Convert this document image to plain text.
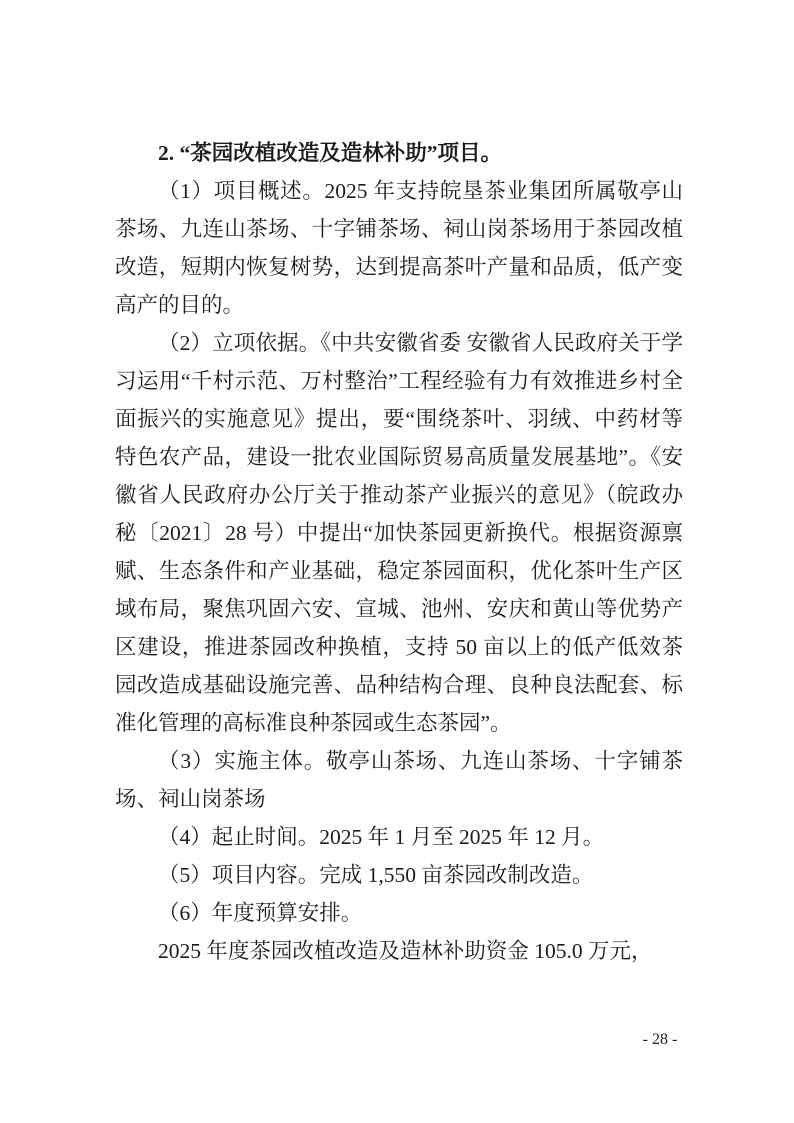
2. “茶园改植改造及造林补助”项目。

（1）项目概述。2025 年支持皖垦茶业集团所属敬亭山茶场、九连山茶场、十字铺茶场、祠山岗茶场用于茶园改植改造，短期内恢复树势，达到提高茶叶产量和品质，低产变高产的目的。

（2）立项依据。《中共安徽省委 安徽省人民政府关于学习运用“千村示范、万村整治”工程经验有力有效推进乡村全面振兴的实施意见》提出，要“围绕茶叶、羽绒、中药材等特色农产品，建设一批农业国际贸易高质量发展基地”。《安徽省人民政府办公厅关于推动茶产业振兴的意见》（皖政办秘〔2021〕28 号）中提出“加快茶园更新换代。根据资源禀赋、生态条件和产业基础，稳定茶园面积，优化茶叶生产区域布局，聚焦巩固六安、宣城、池州、安庆和黄山等优势产区建设，推进茶园改种换植，支持 50 亩以上的低产低效茶园改造成基础设施完善、品种结构合理、良种良法配套、标准化管理的高标准良种茶园或生态茶园”。

（3）实施主体。敬亭山茶场、九连山茶场、十字铺茶场、祠山岗茶场

（4）起止时间。2025 年 1 月至 2025 年 12 月。

（5）项目内容。完成 1,550 亩茶园改制改造。

（6）年度预算安排。

2025 年度茶园改植改造及造林补助资金 105.0 万元，

- 28 -
